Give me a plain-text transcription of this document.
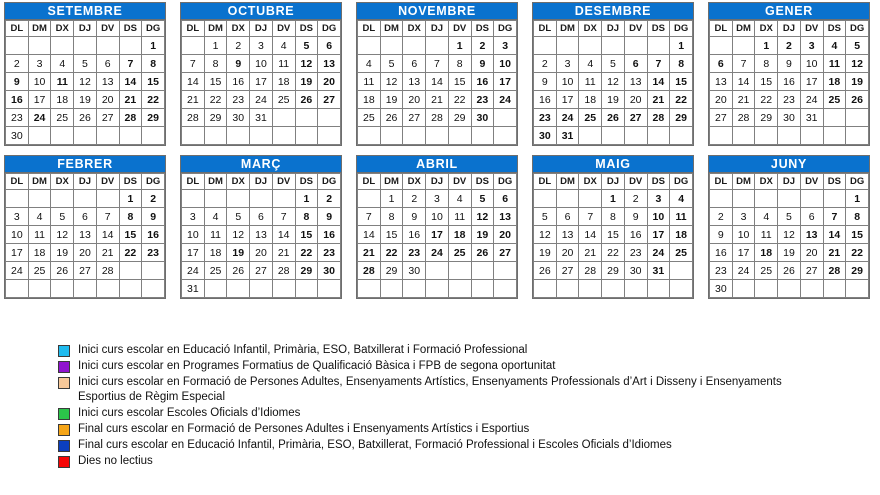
SETEMBRE
DL	DM	DX	DJ	DV	DS	DG
						1
2	3	4	5	6	7	8
9	10	11	12	13	14	15
16	17	18	19	20	21	22
23	24	25	26	27	28	29
30						
OCTUBRE
DL	DM	DX	DJ	DV	DS	DG
	1	2	3	4	5	6
7	8	9	10	11	12	13
14	15	16	17	18	19	20
21	22	23	24	25	26	27
28	29	30	31			

NOVEMBRE
DL	DM	DX	DJ	DV	DS	DG
				1	2	3
4	5	6	7	8	9	10
11	12	13	14	15	16	17
18	19	20	21	22	23	24
25	26	27	28	29	30	

DESEMBRE
DL	DM	DX	DJ	DV	DS	DG
						1
2	3	4	5	6	7	8
9	10	11	12	13	14	15
16	17	18	19	20	21	22
23	24	25	26	27	28	29
30	31					
GENER
DL	DM	DX	DJ	DV	DS	DG
		1	2	3	4	5
6	7	8	9	10	11	12
13	14	15	16	17	18	19
20	21	22	23	24	25	26
27	28	29	30	31		

FEBRER
DL	DM	DX	DJ	DV	DS	DG
					1	2
3	4	5	6	7	8	9
10	11	12	13	14	15	16
17	18	19	20	21	22	23
24	25	26	27	28		

MARÇ
DL	DM	DX	DJ	DV	DS	DG
					1	2
3	4	5	6	7	8	9
10	11	12	13	14	15	16
17	18	19	20	21	22	23
24	25	26	27	28	29	30
31						
ABRIL
DL	DM	DX	DJ	DV	DS	DG
	1	2	3	4	5	6
7	8	9	10	11	12	13
14	15	16	17	18	19	20
21	22	23	24	25	26	27
28	29	30				

MAIG
DL	DM	DX	DJ	DV	DS	DG
			1	2	3	4
5	6	7	8	9	10	11
12	13	14	15	16	17	18
19	20	21	22	23	24	25
26	27	28	29	30	31	

JUNY
DL	DM	DX	DJ	DV	DS	DG
						1
2	3	4	5	6	7	8
9	10	11	12	13	14	15
16	17	18	19	20	21	22
23	24	25	26	27	28	29
30						
Inici curs escolar en Educació Infantil, Primària, ESO, Batxillerat i Formació Professional
Inici curs escolar en Programes Formatius de Qualificació Bàsica i FPB de segona oportunitat
Inici curs escolar en Formació de Persones Adultes, Ensenyaments Artístics, Ensenyaments Professionals d’Art i Disseny i Ensenyaments
Esportius de Règim Especial
Inici curs escolar Escoles Oficials d’Idiomes
Final curs escolar en Formació de Persones Adultes i Ensenyaments Artístics i Esportius
Final curs escolar en Educació Infantil, Primària, ESO, Batxillerat, Formació Professional i Escoles Oficials d’Idiomes
Dies no lectius
